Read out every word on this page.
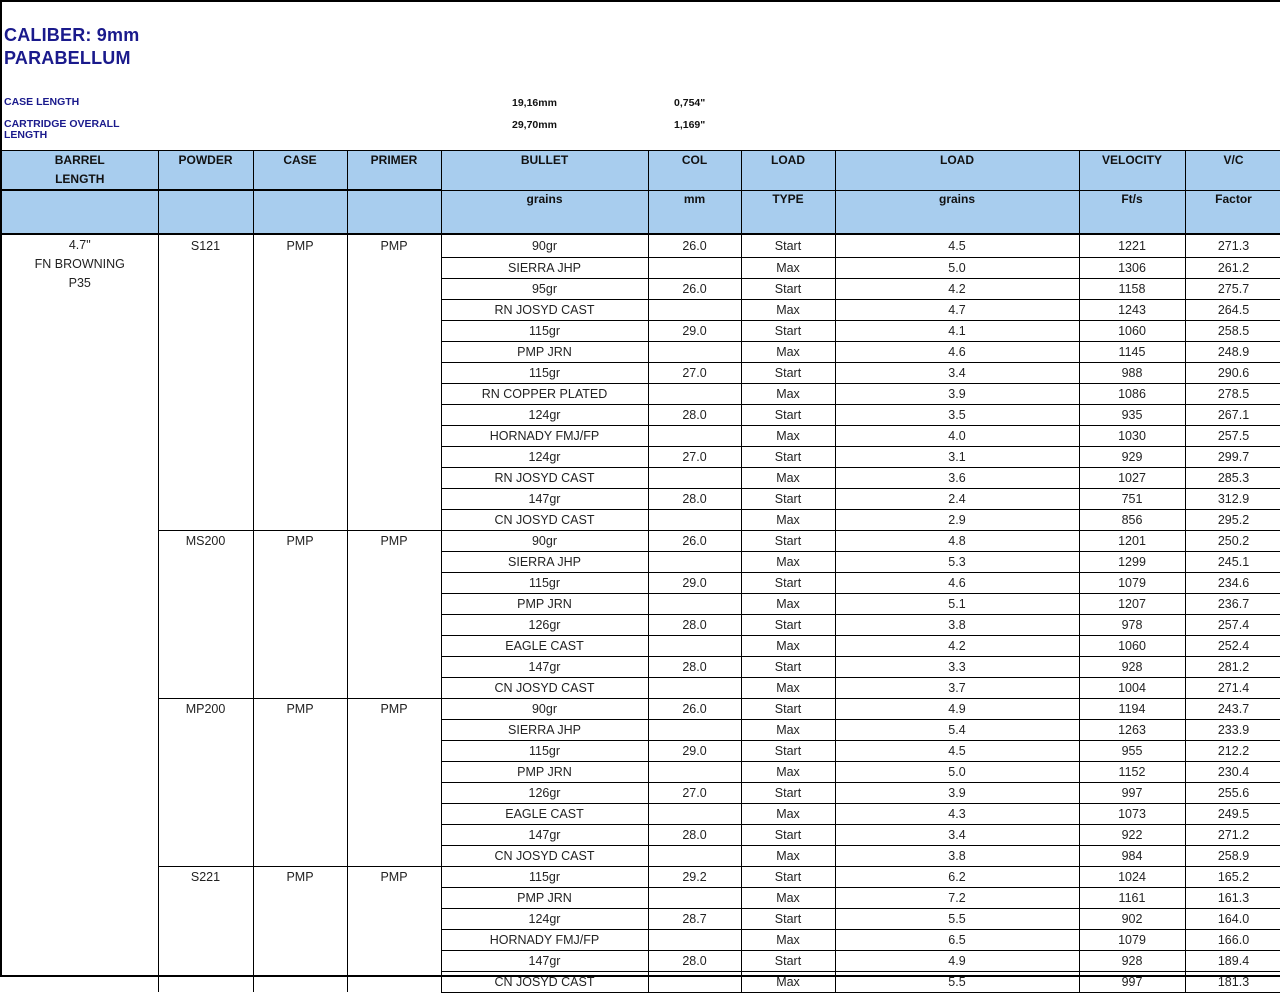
CALIBER: 9mm
PARABELLUM
CASE LENGTH	19,16mm	0,754"
CARTRIDGE OVERALL LENGTH
29,70mm	1,169"
BARREL
LENGTH	POWDER	CASE	PRIMER	BULLET	COL	LOAD	LOAD	VELOCITY	V/C
				grains	mm	TYPE	grains	Ft/s	Factor

4.7"
FN BROWNING
P35	S121	PMP	PMP	90gr	26.0	Start	4.5	1221	271.3
				SIERRA JHP		Max	5.0	1306	261.2
				95gr	26.0	Start	4.2	1158	275.7
				RN JOSYD CAST		Max	4.7	1243	264.5
				115gr	29.0	Start	4.1	1060	258.5
				PMP JRN		Max	4.6	1145	248.9
				115gr	27.0	Start	3.4	988	290.6
				RN COPPER PLATED		Max	3.9	1086	278.5
				124gr	28.0	Start	3.5	935	267.1
				HORNADY FMJ/FP		Max	4.0	1030	257.5
				124gr	27.0	Start	3.1	929	299.7
				RN JOSYD CAST		Max	3.6	1027	285.3
				147gr	28.0	Start	2.4	751	312.9
				CN JOSYD CAST		Max	2.9	856	295.2
	MS200	PMP	PMP	90gr	26.0	Start	4.8	1201	250.2
				SIERRA JHP		Max	5.3	1299	245.1
				115gr	29.0	Start	4.6	1079	234.6
				PMP JRN		Max	5.1	1207	236.7
				126gr	28.0	Start	3.8	978	257.4
				EAGLE CAST		Max	4.2	1060	252.4
				147gr	28.0	Start	3.3	928	281.2
				CN JOSYD CAST		Max	3.7	1004	271.4
	MP200	PMP	PMP	90gr	26.0	Start	4.9	1194	243.7
				SIERRA JHP		Max	5.4	1263	233.9
				115gr	29.0	Start	4.5	955	212.2
				PMP JRN		Max	5.0	1152	230.4
				126gr	27.0	Start	3.9	997	255.6
				EAGLE CAST		Max	4.3	1073	249.5
				147gr	28.0	Start	3.4	922	271.2
				CN JOSYD CAST		Max	3.8	984	258.9
	S221	PMP	PMP	115gr	29.2	Start	6.2	1024	165.2
				PMP JRN		Max	7.2	1161	161.3
				124gr	28.7	Start	5.5	902	164.0
				HORNADY FMJ/FP		Max	6.5	1079	166.0
				147gr	28.0	Start	4.9	928	189.4
				CN JOSYD CAST		Max	5.5	997	181.3
